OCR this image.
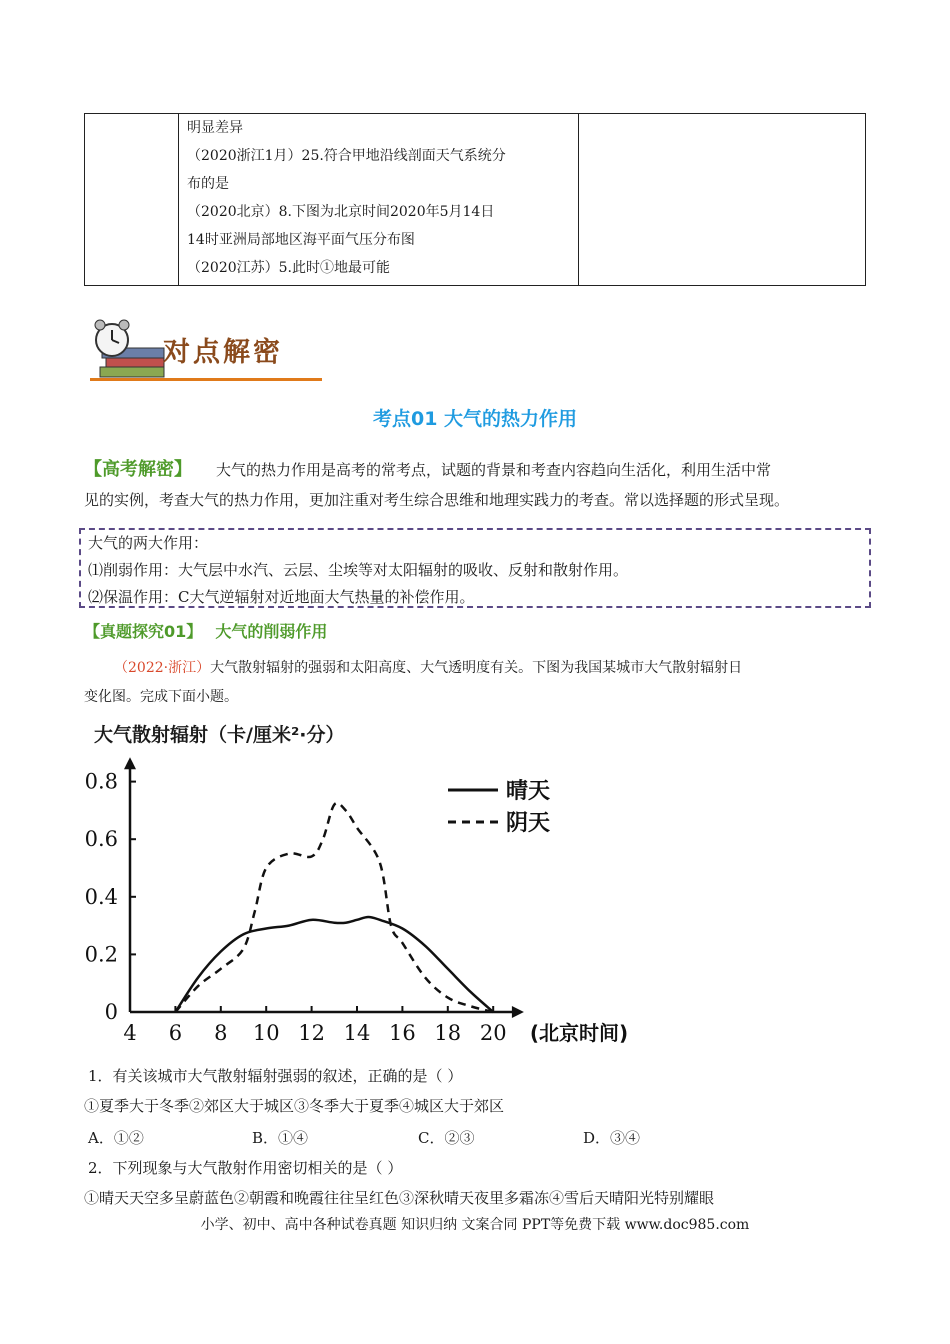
明显差异
（2020浙江1月）25.符合甲地沿线剖面天气系统分
布的是
（2020北京）8.下图为北京时间2020年5月14日
14时亚洲局部地区海平面气压分布图
（2020江苏）5.此时①地最可能
对点解密
考点01 大气的热力作用
【高考解密】 大气的热力作用是高考的常考点，试题的背景和考查内容趋向生活化，利用生活中常
见的实例，考查大气的热力作用，更加注重对考生综合思维和地理实践力的考查。常以选择题的形式呈现。
大气的两大作用：
⑴削弱作用：大气层中水汽、云层、尘埃等对太阳辐射的吸收、反射和散射作用。
⑵保温作用：C大气逆辐射对近地面大气热量的补偿作用。
【真题探究01】 大气的削弱作用
（2022·浙江）大气散射辐射的强弱和太阳高度、大气透明度有关。下图为我国某城市大气散射辐射日
变化图。完成下面小题。
大气散射辐射（卡/厘米²·分）
4 6 8 10 12 14 16 18 20
0
0.2
0.4
0.6
0.8
(北京时间)
晴天
阴天
1．有关该城市大气散射辐射强弱的叙述，正确的是（ ）
①夏季大于冬季②郊区大于城区③冬季大于夏季④城区大于郊区
A．①②	B．①④	C．②③	D．③④
2．下列现象与大气散射作用密切相关的是（ ）
①晴天天空多呈蔚蓝色②朝霞和晚霞往往呈红色③深秋晴天夜里多霜冻④雪后天晴阳光特别耀眼
小学、初中、高中各种试卷真题 知识归纳 文案合同 PPT等免费下载 www.doc985.com
